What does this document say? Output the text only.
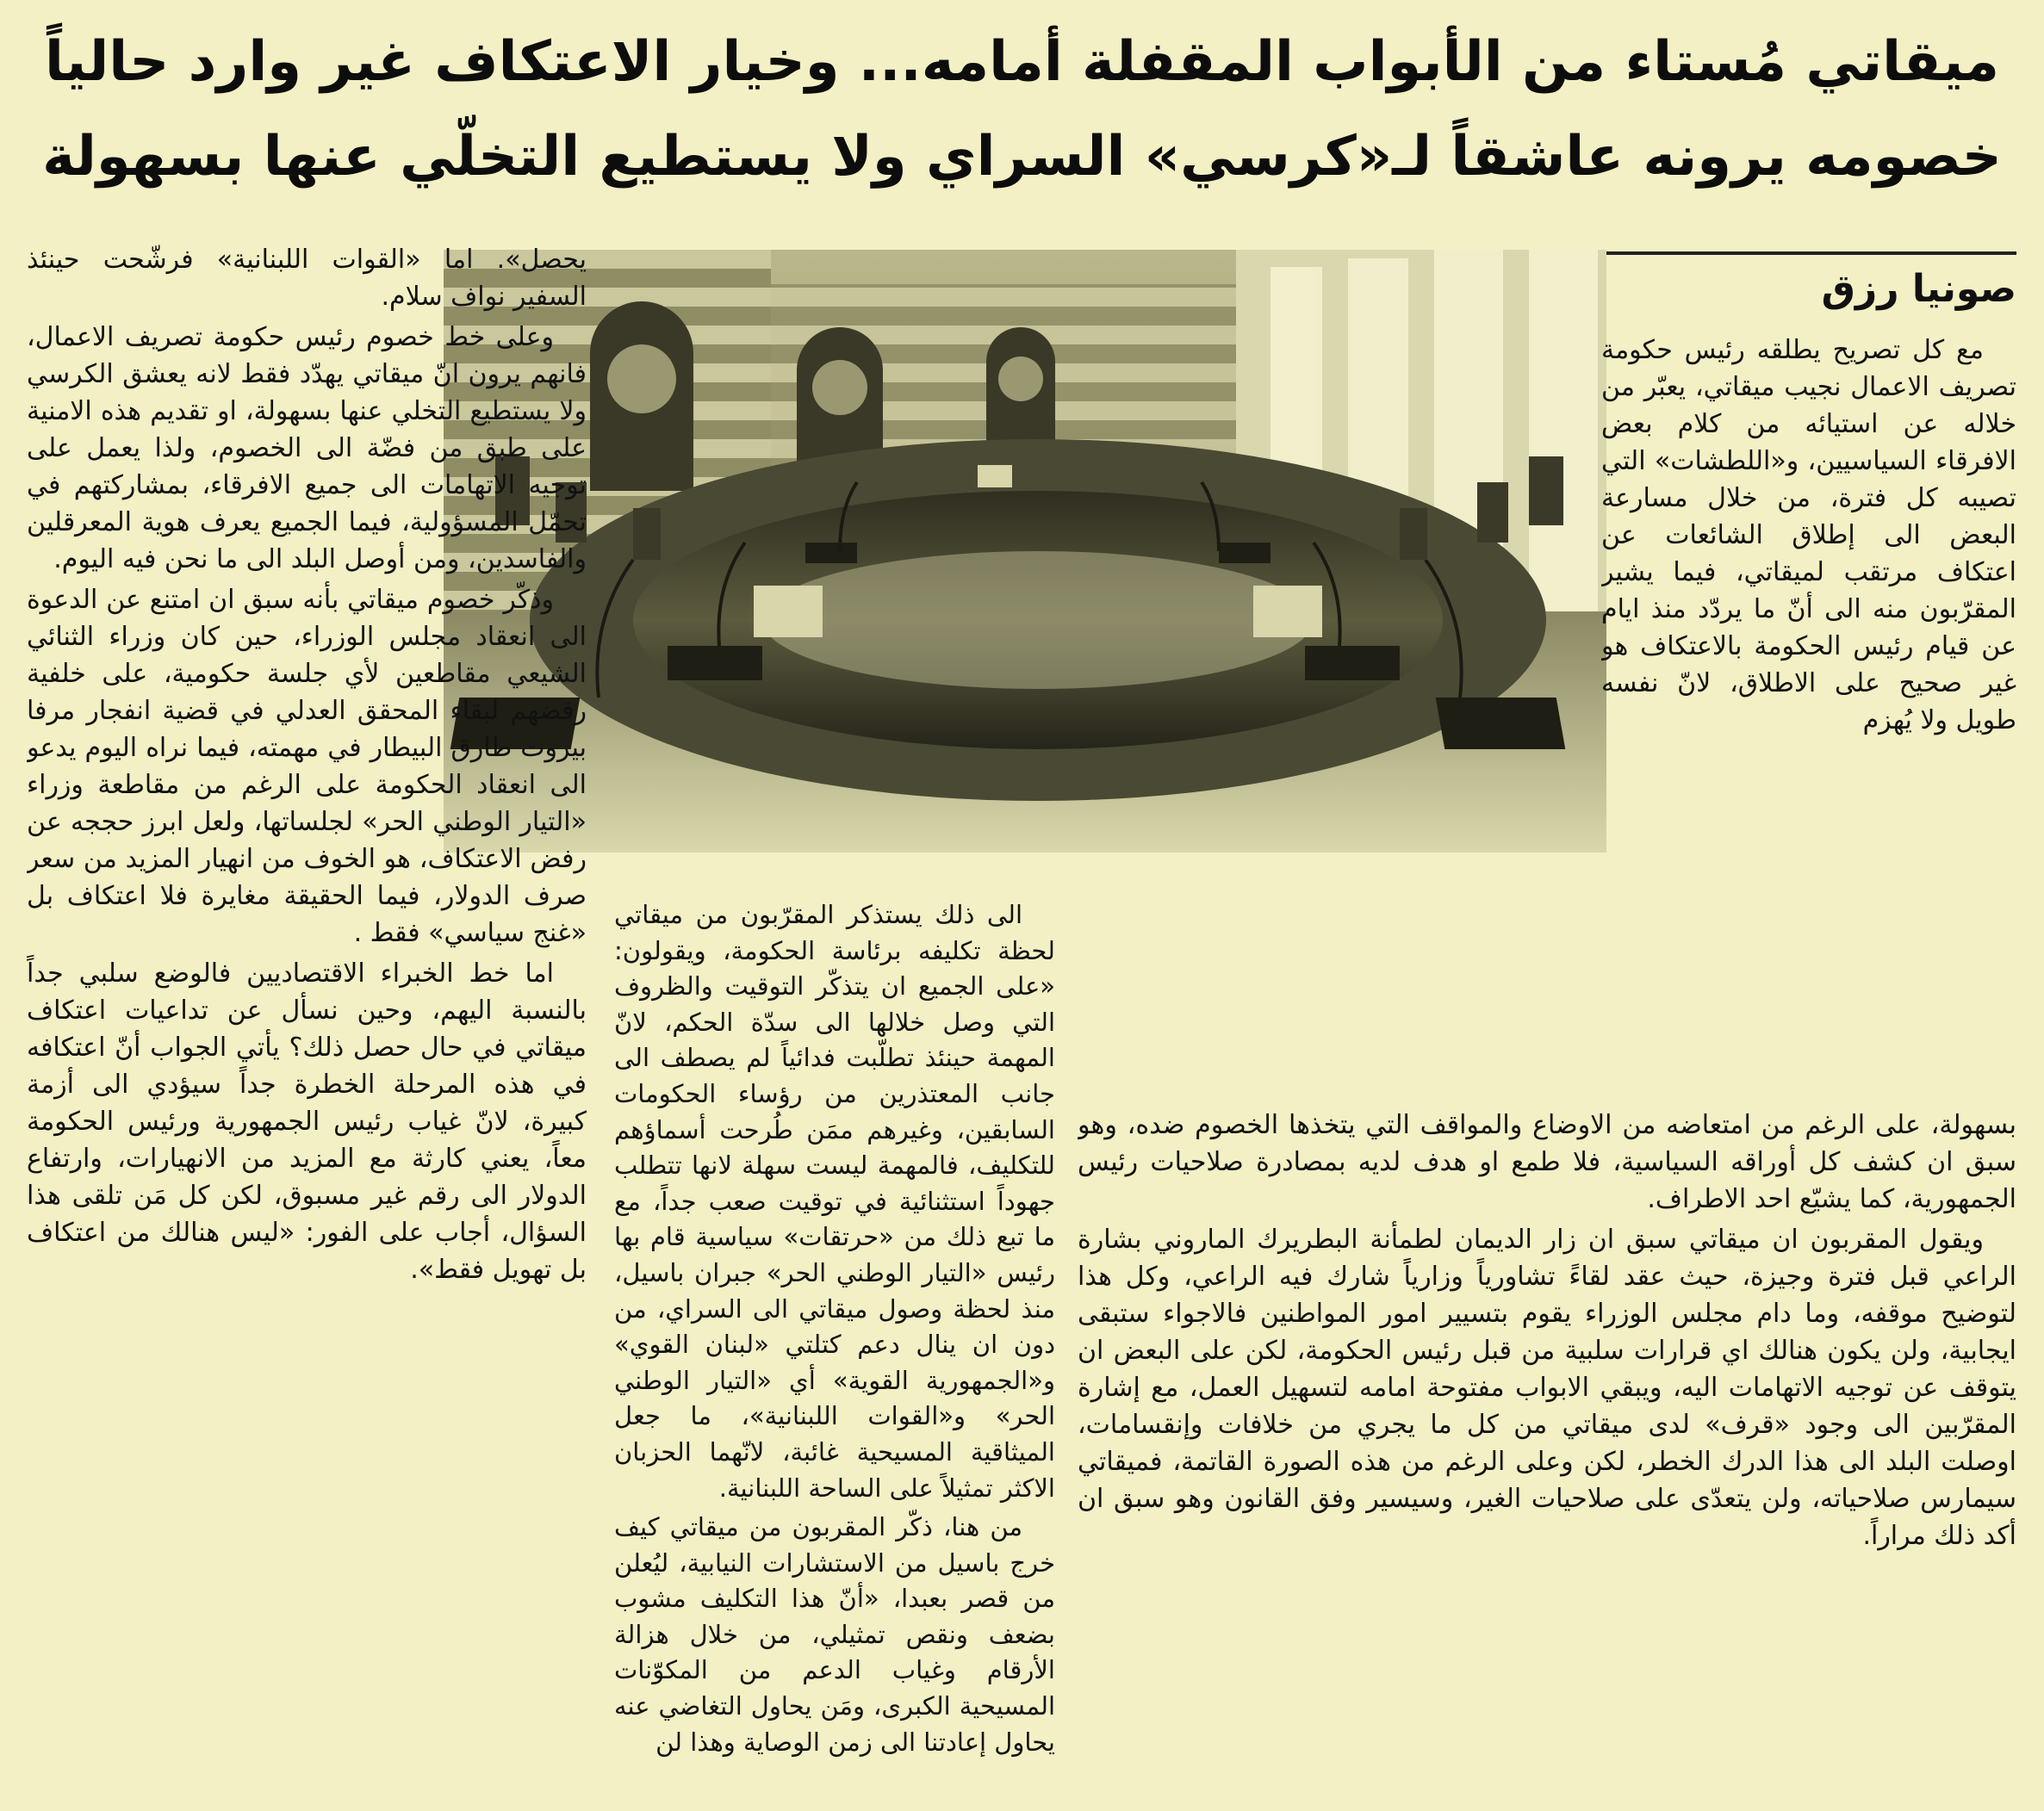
ميقاتي مُستاء من الأبواب المقفلة أمامه... وخيار الاعتكاف غير وارد حالياً
خصومه يرونه عاشقاً لـ«كرسي» السراي ولا يستطيع التخلّي عنها بسهولة
صونيا رزق

مع كل تصريح يطلقه رئيس حكومة تصريف الاعمال نجيب ميقاتي، يعبّر من خلاله عن استيائه من كلام بعض الافرقاء السياسيين، و«اللطشات» التي تصيبه كل فترة، من خلال مسارعة البعض الى إطلاق الشائعات عن اعتكاف مرتقب لميقاتي، فيما يشير المقرّبون منه الى أنّ ما يردّد منذ ايام عن قيام رئيس الحكومة بالاعتكاف هو غير صحيح على الاطلاق، لانّ نفسه طويل ولا يُهزم

بسهولة، على الرغم من امتعاضه من الاوضاع والمواقف التي يتخذها الخصوم ضده، وهو سبق ان كشف كل أوراقه السياسية، فلا طمع او هدف لديه بمصادرة صلاحيات رئيس الجمهورية، كما يشيّع احد الاطراف.

ويقول المقربون ان ميقاتي سبق ان زار الديمان لطمأنة البطريرك الماروني بشارة الراعي قبل فترة وجيزة، حيث عقد لقاءً تشاورياً وزارياً شارك فيه الراعي، وكل هذا لتوضيح موقفه، وما دام مجلس الوزراء يقوم بتسيير امور المواطنين فالاجواء ستبقى ايجابية، ولن يكون هنالك اي قرارات سلبية من قبل رئيس الحكومة، لكن على البعض ان يتوقف عن توجيه الاتهامات اليه، ويبقي الابواب مفتوحة امامه لتسهيل العمل، مع إشارة المقرّبين الى وجود «قرف» لدى ميقاتي من كل ما يجري من خلافات وإنقسامات، اوصلت البلد الى هذا الدرك الخطر، لكن وعلى الرغم من هذه الصورة القاتمة، فميقاتي سيمارس صلاحياته، ولن يتعدّى على صلاحيات الغير، وسيسير وفق القانون وهو سبق ان أكد ذلك مراراً.

الى ذلك يستذكر المقرّبون من ميقاتي لحظة تكليفه برئاسة الحكومة، ويقولون: «على الجميع ان يتذكّر التوقيت والظروف التي وصل خلالها الى سدّة الحكم، لانّ المهمة حينئذ تطلّبت فدائياً لم يصطف الى جانب المعتذرين من رؤساء الحكومات السابقين، وغيرهم ممَن طُرحت أسماؤهم للتكليف، فالمهمة ليست سهلة لانها تتطلب جهوداً استثنائية في توقيت صعب جداً، مع ما تبع ذلك من «حرتقات» سياسية قام بها رئيس «التيار الوطني الحر» جبران باسيل، منذ لحظة وصول ميقاتي الى السراي، من دون ان ينال دعم كتلتي «لبنان القوي» و«الجمهورية القوية» أي «التيار الوطني الحر» و«القوات اللبنانية»، ما جعل الميثاقية المسيحية غائبة، لانّهما الحزبان الاكثر تمثيلاً على الساحة اللبنانية.

من هنا، ذكّر المقربون من ميقاتي كيف خرج باسيل من الاستشارات النيابية، ليُعلن من قصر بعبدا، «أنّ هذا التكليف مشوب بضعف ونقص تمثيلي، من خلال هزالة الأرقام وغياب الدعم من المكوّنات المسيحية الكبرى، ومَن يحاول التغاضي عنه يحاول إعادتنا الى زمن الوصاية وهذا لن

يحصل». اما «القوات اللبنانية» فرشّحت حينئذ السفير نواف سلام.

وعلى خط خصوم رئيس حكومة تصريف الاعمال، فانهم يرون انّ ميقاتي يهدّد فقط لانه يعشق الكرسي ولا يستطيع التخلي عنها بسهولة، او تقديم هذه الامنية على طبق من فضّة الى الخصوم، ولذا يعمل على توجيه الاتهامات الى جميع الافرقاء، بمشاركتهم في تحمّل المسؤولية، فيما الجميع يعرف هوية المعرقلين والفاسدين، ومن أوصل البلد الى ما نحن فيه اليوم.

وذكّر خصوم ميقاتي بأنه سبق ان امتنع عن الدعوة الى انعقاد مجلس الوزراء، حين كان وزراء الثنائي الشيعي مقاطعين لأي جلسة حكومية، على خلفية رفضهم لبقاء المحقق العدلي في قضية انفجار مرفا بيروت طارق البيطار في مهمته، فيما نراه اليوم يدعو الى انعقاد الحكومة على الرغم من مقاطعة وزراء «التيار الوطني الحر» لجلساتها، ولعل ابرز حججه عن رفض الاعتكاف، هو الخوف من انهيار المزيد من سعر صرف الدولار، فيما الحقيقة مغايرة فلا اعتكاف بل «غنج سياسي» فقط .

اما خط الخبراء الاقتصاديين فالوضع سلبي جداً بالنسبة اليهم، وحين نسأل عن تداعيات اعتكاف ميقاتي في حال حصل ذلك؟ يأتي الجواب أنّ اعتكافه في هذه المرحلة الخطرة جداً سيؤدي الى أزمة كبيرة، لانّ غياب رئيس الجمهورية ورئيس الحكومة معاً، يعني كارثة مع المزيد من الانهيارات، وارتفاع الدولار الى رقم غير مسبوق، لكن كل مَن تلقى هذا السؤال، أجاب على الفور: «ليس هنالك من اعتكاف بل تهويل فقط».
